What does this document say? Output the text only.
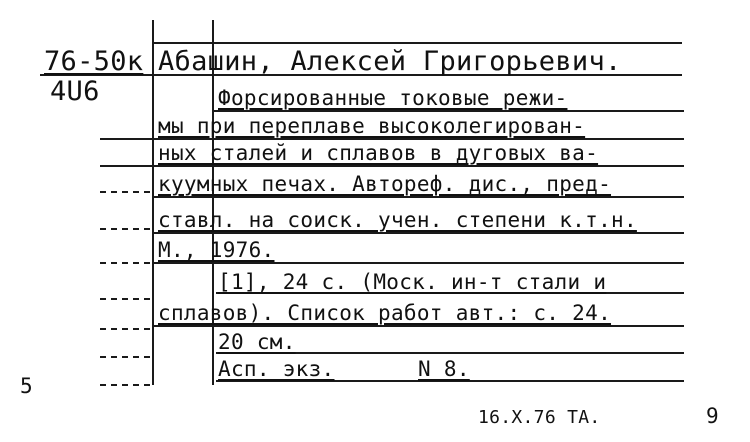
76-50к
4U6
Абашин, Алексей Григорьевич.
Форсированные токовые режи-
мы при переплаве высоколегирован-
ных сталей и сплавов в дуговых ва-
куумных печах. Автореф. дис., пред-
ставл. на соиск. учен. степени к.т.н.
М., 1976.
[1], 24 с. (Моск. ин-т стали и
сплавов). Список работ авт.: с. 24.
20 см.
Асп. экз.	N 8.
5
16.Х.76 ТА.	9
